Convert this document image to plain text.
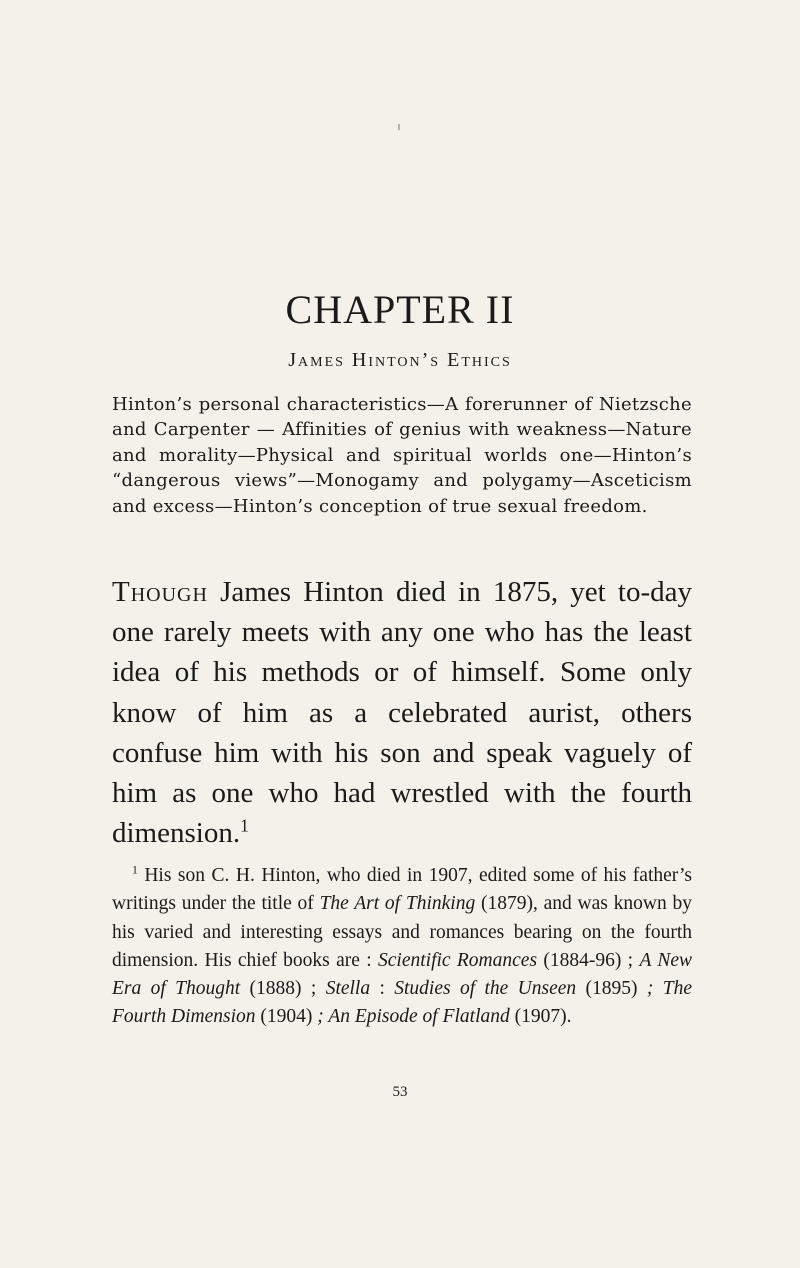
CHAPTER II
James Hinton’s Ethics

Hinton’s personal characteristics—A forerunner of Nietzsche and Carpenter — Affinities of genius with weakness—Nature and morality—Physical and spiritual worlds one—Hinton’s “dangerous views”—Monogamy and polygamy—Asceticism and excess—Hinton’s conception of true sexual freedom.

Though James Hinton died in 1875, yet to-day one rarely meets with any one who has the least idea of his methods or of himself. Some only know of him as a celebrated aurist, others confuse him with his son and speak vaguely of him as one who had wrestled with the fourth dimension.$^1$

$^1$ His son C. H. Hinton, who died in 1907, edited some of his father’s writings under the title of The Art of Thinking (1879), and was known by his varied and interesting essays and romances bearing on the fourth dimension. His chief books are : Scientific Romances (1884-96) ; A New Era of Thought (1888) ; Stella : Studies of the Unseen (1895) ; The Fourth Dimension (1904) ; An Episode of Flatland (1907).

53
